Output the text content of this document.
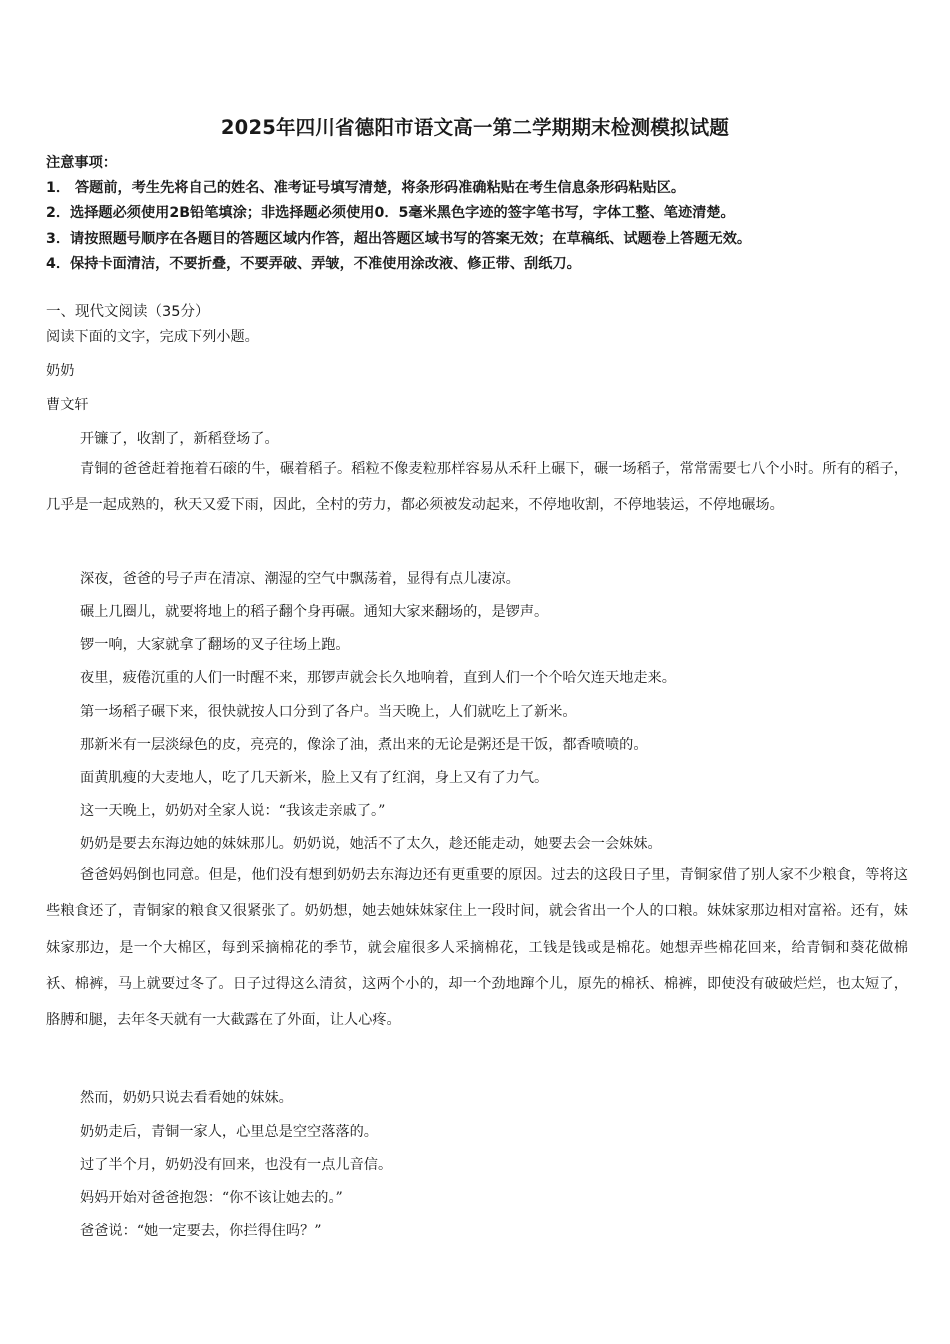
2025年四川省德阳市语文高一第二学期期末检测模拟试题
注意事项：
1． 答题前，考生先将自己的姓名、准考证号填写清楚，将条形码准确粘贴在考生信息条形码粘贴区。
2．选择题必须使用2B铅笔填涂；非选择题必须使用0．5毫米黑色字迹的签字笔书写，字体工整、笔迹清楚。
3．请按照题号顺序在各题目的答题区域内作答，超出答题区域书写的答案无效；在草稿纸、试题卷上答题无效。
4．保持卡面清洁，不要折叠，不要弄破、弄皱，不准使用涂改液、修正带、刮纸刀。
一、现代文阅读（35分）
阅读下面的文字，完成下列小题。
奶奶
曹文轩
开镰了，收割了，新稻登场了。
青铜的爸爸赶着拖着石磙的牛，碾着稻子。稻粒不像麦粒那样容易从禾秆上碾下，碾一场稻子，常常需要七八个小时。所有的稻子，几乎是一起成熟的，秋天又爱下雨，因此，全村的劳力，都必须被发动起来，不停地收割，不停地装运，不停地碾场。
深夜，爸爸的号子声在清凉、潮湿的空气中飘荡着，显得有点儿凄凉。
碾上几圈儿，就要将地上的稻子翻个身再碾。通知大家来翻场的，是锣声。
锣一响，大家就拿了翻场的叉子往场上跑。
夜里，疲倦沉重的人们一时醒不来，那锣声就会长久地响着，直到人们一个个哈欠连天地走来。
第一场稻子碾下来，很快就按人口分到了各户。当天晚上，人们就吃上了新米。
那新米有一层淡绿色的皮，亮亮的，像涂了油，煮出来的无论是粥还是干饭，都香喷喷的。
面黄肌瘦的大麦地人，吃了几天新米，脸上又有了红润，身上又有了力气。
这一天晚上，奶奶对全家人说：“我该走亲戚了。”
奶奶是要去东海边她的妹妹那儿。奶奶说，她活不了太久，趁还能走动，她要去会一会妹妹。
爸爸妈妈倒也同意。但是，他们没有想到奶奶去东海边还有更重要的原因。过去的这段日子里，青铜家借了别人家不少粮食，等将这些粮食还了，青铜家的粮食又很紧张了。奶奶想，她去她妹妹家住上一段时间，就会省出一个人的口粮。妹妹家那边相对富裕。还有，妹妹家那边，是一个大棉区，每到采摘棉花的季节，就会雇很多人采摘棉花，工钱是钱或是棉花。她想弄些棉花回来，给青铜和葵花做棉袄、棉裤，马上就要过冬了。日子过得这么清贫，这两个小的，却一个劲地蹿个儿，原先的棉袄、棉裤，即使没有破破烂烂，也太短了，胳膊和腿，去年冬天就有一大截露在了外面，让人心疼。
然而，奶奶只说去看看她的妹妹。
奶奶走后，青铜一家人，心里总是空空落落的。
过了半个月，奶奶没有回来，也没有一点儿音信。
妈妈开始对爸爸抱怨：“你不该让她去的。”
爸爸说：“她一定要去，你拦得住吗？”
